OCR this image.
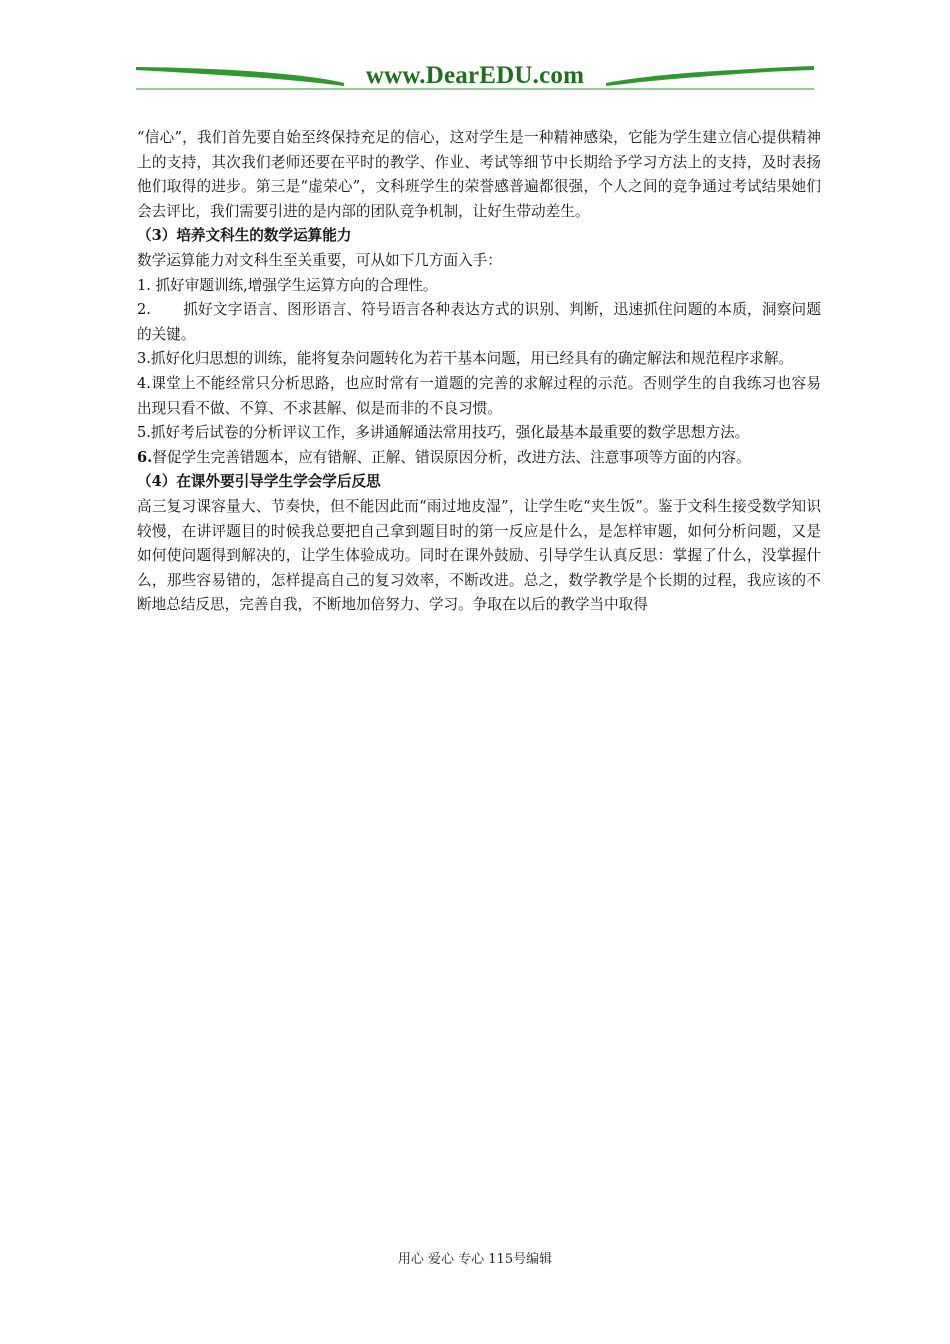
www.DearEDU.com

“信心”，我们首先要自始至终保持充足的信心，这对学生是一种精神感染，它能为学生建立信心提供精神上的支持，其次我们老师还要在平时的教学、作业、考试等细节中长期给予学习方法上的支持，及时表扬他们取得的进步。第三是“虚荣心”，文科班学生的荣誉感普遍都很强，个人之间的竞争通过考试结果她们会去评比，我们需要引进的是内部的团队竞争机制，让好生带动差生。

（3）培养文科生的数学运算能力

数学运算能力对文科生至关重要，可从如下几方面入手：

1. 抓好审题训练,增强学生运算方向的合理性。

2. 抓好文字语言、图形语言、符号语言各种表达方式的识别、判断，迅速抓住问题的本质，洞察问题的关键。

3.抓好化归思想的训练，能将复杂问题转化为若干基本问题，用已经具有的确定解法和规范程序求解。

4.课堂上不能经常只分析思路，也应时常有一道题的完善的求解过程的示范。否则学生的自我练习也容易出现只看不做、不算、不求甚解、似是而非的不良习惯。

5.抓好考后试卷的分析评议工作，多讲通解通法常用技巧，强化最基本最重要的数学思想方法。

6.督促学生完善错题本，应有错解、正解、错误原因分析，改进方法、注意事项等方面的内容。

（4）在课外要引导学生学会学后反思

高三复习课容量大、节奏快，但不能因此而“雨过地皮湿”，让学生吃“夹生饭”。鉴于文科生接受数学知识较慢，在讲评题目的时候我总要把自己拿到题目时的第一反应是什么，是怎样审题，如何分析问题，又是如何使问题得到解决的，让学生体验成功。同时在课外鼓励、引导学生认真反思：掌握了什么，没掌握什么，那些容易错的，怎样提高自己的复习效率，不断改进。总之，数学教学是个长期的过程，我应该的不断地总结反思，完善自我，不断地加倍努力、学习。争取在以后的教学当中取得

用心 爱心 专心 115号编辑
